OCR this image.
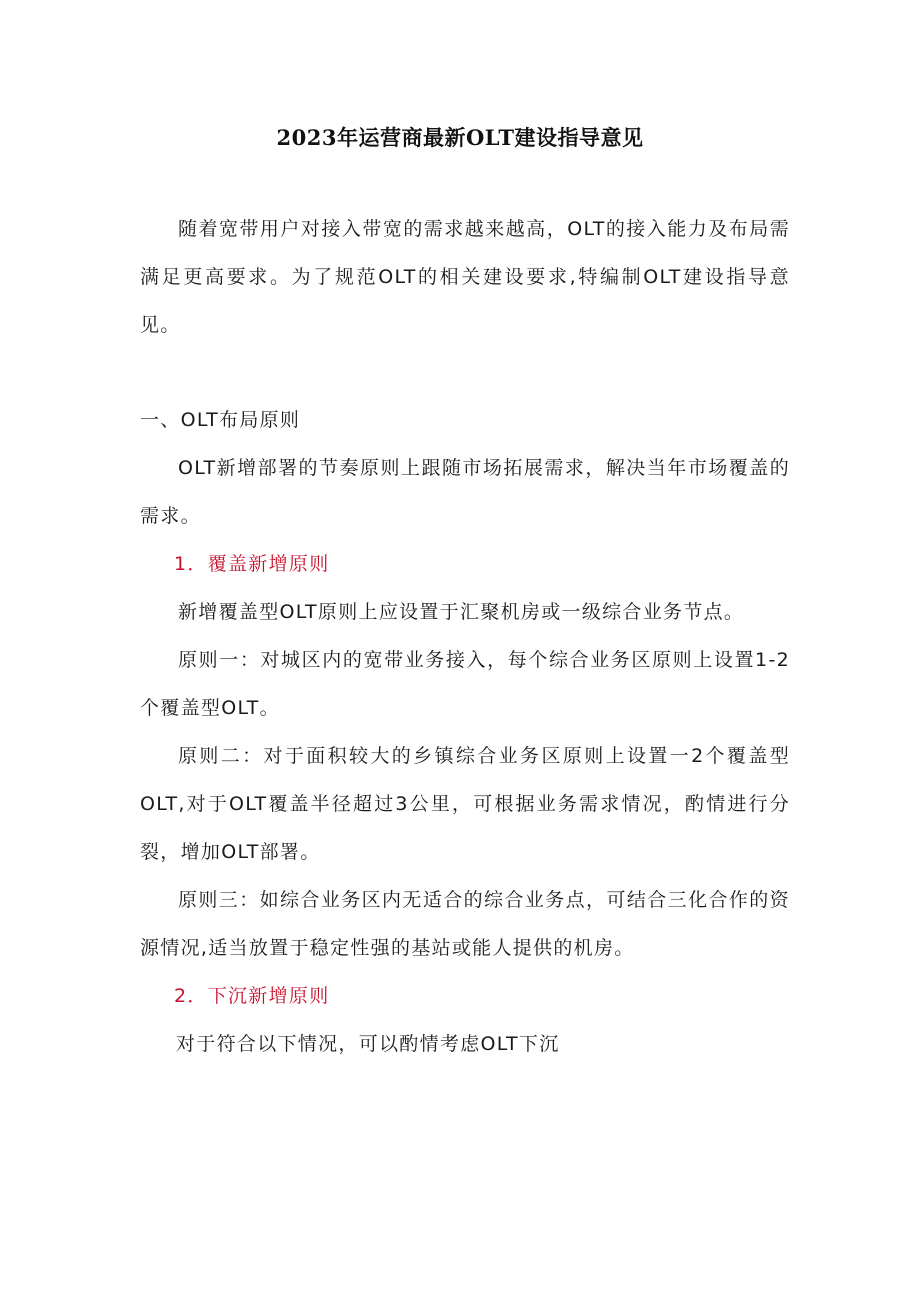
2023年运营商最新OLT建设指导意见

随着宽带用户对接入带宽的需求越来越高，OLT的接入能力及布局需满足更高要求。为了规范OLT的相关建设要求,特编制OLT建设指导意见。

一、OLT布局原则

OLT新增部署的节奏原则上跟随市场拓展需求，解决当年市场覆盖的需求。

1．覆盖新增原则

新增覆盖型OLT原则上应设置于汇聚机房或一级综合业务节点。

原则一：对城区内的宽带业务接入，每个综合业务区原则上设置1-2个覆盖型OLT。

原则二：对于面积较大的乡镇综合业务区原则上设置一2个覆盖型OLT,对于OLT覆盖半径超过3公里，可根据业务需求情况，酌情进行分裂，增加OLT部署。

原则三：如综合业务区内无适合的综合业务点，可结合三化合作的资源情况,适当放置于稳定性强的基站或能人提供的机房。

2．下沉新增原则

对于符合以下情况，可以酌情考虑OLT下沉
